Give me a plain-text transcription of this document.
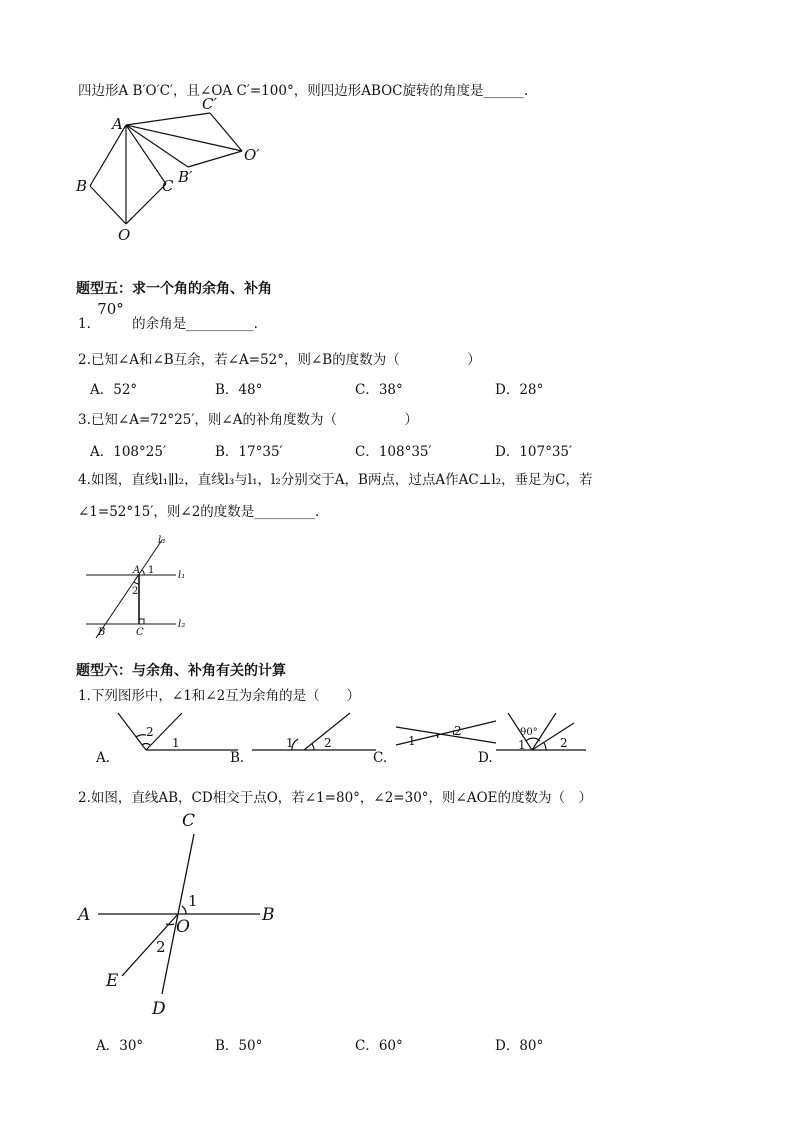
四边形A B′O′C′，且∠OA C′=100°，则四边形ABOC旋转的角度是______.
A
B
O
C
C′
O′
B′
题型五：求一个角的余角、补角
1. 70° 的余角是__________.
2.已知∠A和∠B互余，若∠A=52°，则∠B的度数为（　　　　　）
A．52°	B．48°	C．38°	D．28°
3.已知∠A=72°25′，则∠A的补角度数为（　　　　　）
A．108°25′	B．17°35′	C．108°35′	D．107°35′
4.如图，直线l₁∥l₂，直线l₃与l₁，l₂分别交于A，B两点，过点A作AC⊥l₂，垂足为C，若
∠1=52°15′，则∠2的度数是_________.
l₃
l₁
l₂
A 1
2
B	C
题型六：与余角、补角有关的计算
1.下列图形中，∠1和∠2互为余角的是（　　）
2
1	1	2	1
2
1
90°
2
A.	B.	C.	D.
2.如图，直线AB，CD相交于点O，若∠1=80°，∠2=30°，则∠AOE的度数为（　）
C
A	B
O
E
D
1
2
A．30°	B．50°	C．60°	D．80°
